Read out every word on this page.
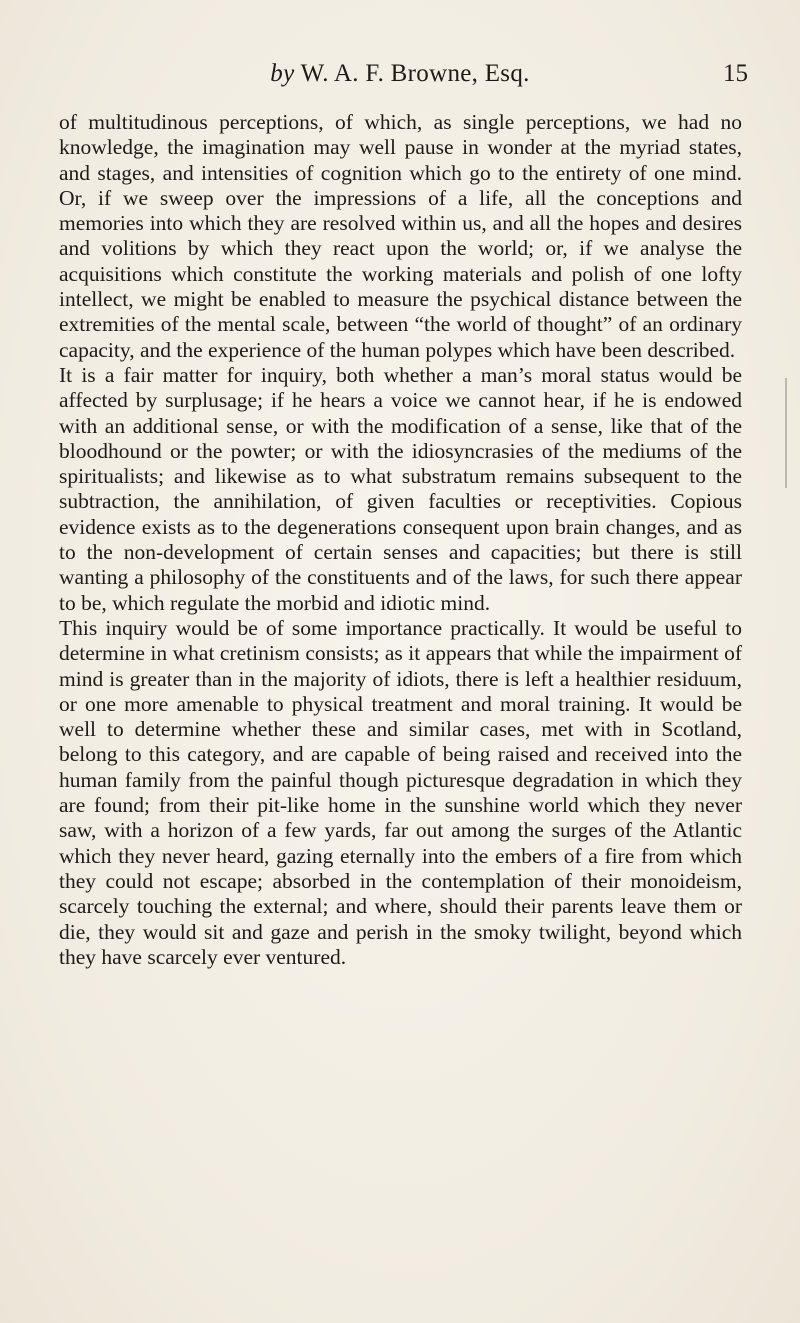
by W. A. F. Browne, Esq.	15

of multitudinous perceptions, of which, as single perceptions, we had no knowledge, the imagination may well pause in wonder at the myriad states, and stages, and intensities of cognition which go to the entirety of one mind. Or, if we sweep over the impressions of a life, all the conceptions and memories into which they are resolved within us, and all the hopes and desires and volitions by which they react upon the world; or, if we analyse the acquisitions which constitute the working materials and polish of one lofty intellect, we might be enabled to measure the psychical distance between the extremities of the mental scale, between “the world of thought” of an ordinary capacity, and the experience of the human polypes which have been described.

It is a fair matter for inquiry, both whether a man’s moral status would be affected by surplusage; if he hears a voice we cannot hear, if he is endowed with an additional sense, or with the modification of a sense, like that of the bloodhound or the powter; or with the idiosyncrasies of the mediums of the spiritualists; and likewise as to what substratum remains subsequent to the subtraction, the annihilation, of given faculties or receptivities. Copious evidence exists as to the degenerations consequent upon brain changes, and as to the non-development of certain senses and capacities; but there is still wanting a philosophy of the constituents and of the laws, for such there appear to be, which regulate the morbid and idiotic mind.

This inquiry would be of some importance practically. It would be useful to determine in what cretinism consists; as it appears that while the impairment of mind is greater than in the majority of idiots, there is left a healthier residuum, or one more amenable to physical treatment and moral training. It would be well to determine whether these and similar cases, met with in Scotland, belong to this category, and are capable of being raised and received into the human family from the painful though picturesque degradation in which they are found; from their pit-like home in the sunshine world which they never saw, with a horizon of a few yards, far out among the surges of the Atlantic which they never heard, gazing eternally into the embers of a fire from which they could not escape; absorbed in the contemplation of their monoideism, scarcely touching the external; and where, should their parents leave them or die, they would sit and gaze and perish in the smoky twilight, beyond which they have scarcely ever ventured.
